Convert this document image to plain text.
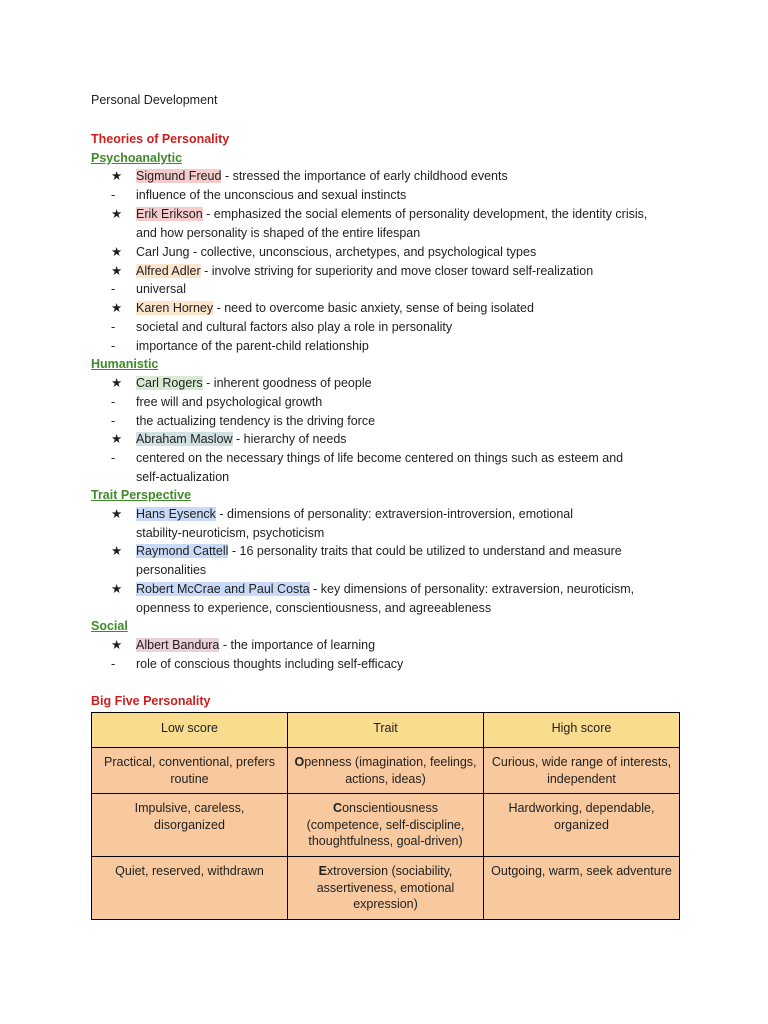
Personal Development
Theories of Personality
Psychoanalytic
★	Sigmund Freud - stressed the importance of early childhood events
-	influence of the unconscious and sexual instincts
★	Erik Erikson - emphasized the social elements of personality development, the identity crisis,
and how personality is shaped of the entire lifespan
★	Carl Jung - collective, unconscious, archetypes, and psychological types
★	Alfred Adler - involve striving for superiority and move closer toward self-realization
-	universal
★	Karen Horney - need to overcome basic anxiety, sense of being isolated
-	societal and cultural factors also play a role in personality
-	importance of the parent-child relationship
Humanistic
★	Carl Rogers - inherent goodness of people
-	free will and psychological growth
-	the actualizing tendency is the driving force
★	Abraham Maslow - hierarchy of needs
-	centered on the necessary things of life become centered on things such as esteem and
self-actualization
Trait Perspective
★	Hans Eysenck - dimensions of personality: extraversion-introversion, emotional
stability-neuroticism, psychoticism
★	Raymond Cattell - 16 personality traits that could be utilized to understand and measure
personalities
★	Robert McCrae and Paul Costa - key dimensions of personality: extraversion, neuroticism,
openness to experience, conscientiousness, and agreeableness
Social
★	Albert Bandura - the importance of learning
-	role of conscious thoughts including self-efficacy
Big Five Personality
Low score	Trait	High score
Practical, conventional, prefers routine	Openness (imagination, feelings, actions, ideas)	Curious, wide range of interests, independent
Impulsive, careless, disorganized	Conscientiousness (competence, self-discipline, thoughtfulness, goal-driven)	Hardworking, dependable, organized
Quiet, reserved, withdrawn	Extroversion (sociability, assertiveness, emotional expression)	Outgoing, warm, seek adventure
